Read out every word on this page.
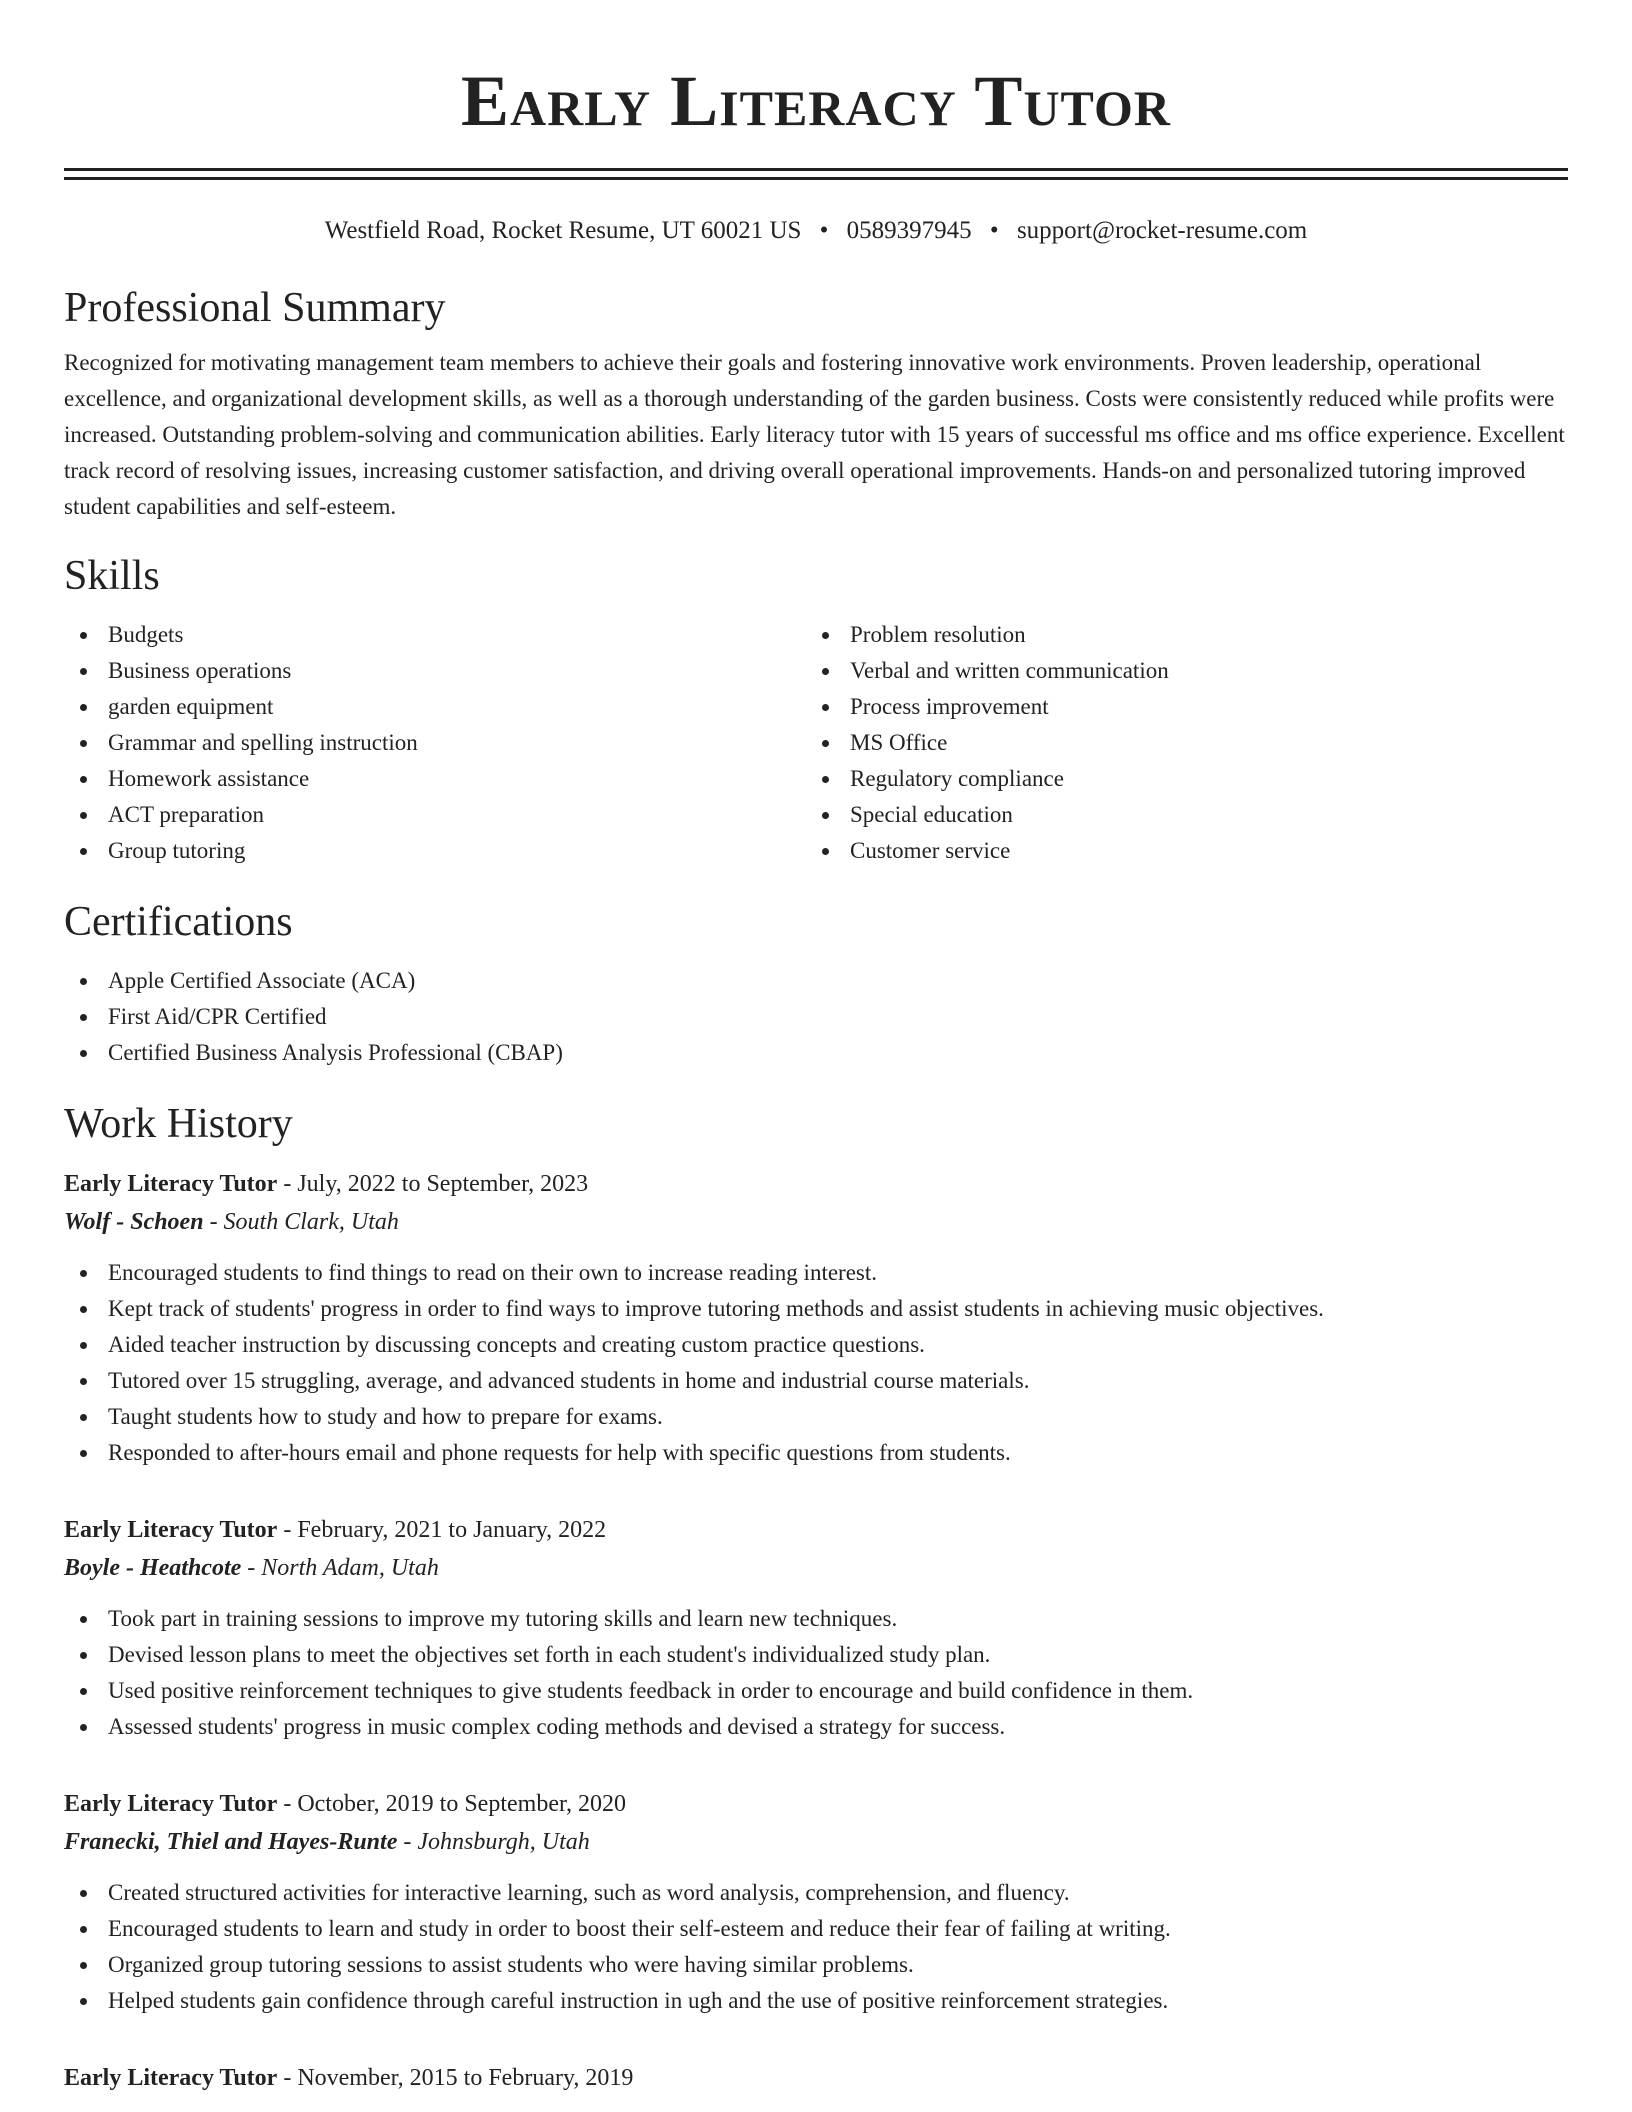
Early Literacy Tutor
Westfield Road, Rocket Resume, UT 60021 US • 0589397945 • support@rocket-resume.com
Professional Summary

Recognized for motivating management team members to achieve their goals and fostering innovative work environments. Proven leadership, operational excellence, and organizational development skills, as well as a thorough understanding of the garden business. Costs were consistently reduced while profits were increased. Outstanding problem-solving and communication abilities. Early literacy tutor with 15 years of successful ms office and ms office experience. Excellent track record of resolving issues, increasing customer satisfaction, and driving overall operational improvements. Hands-on and personalized tutoring improved student capabilities and self-esteem.

Skills
Budgets
Business operations
garden equipment
Grammar and spelling instruction
Homework assistance
ACT preparation
Group tutoring
Problem resolution
Verbal and written communication
Process improvement
MS Office
Regulatory compliance
Special education
Customer service
Certifications
Apple Certified Associate (ACA)
First Aid/CPR Certified
Certified Business Analysis Professional (CBAP)
Work History
Early Literacy Tutor - July, 2022 to September, 2023
Wolf - Schoen - South Clark, Utah
Encouraged students to find things to read on their own to increase reading interest.
Kept track of students' progress in order to find ways to improve tutoring methods and assist students in achieving music objectives.
Aided teacher instruction by discussing concepts and creating custom practice questions.
Tutored over 15 struggling, average, and advanced students in home and industrial course materials.
Taught students how to study and how to prepare for exams.
Responded to after-hours email and phone requests for help with specific questions from students.
Early Literacy Tutor - February, 2021 to January, 2022
Boyle - Heathcote - North Adam, Utah
Took part in training sessions to improve my tutoring skills and learn new techniques.
Devised lesson plans to meet the objectives set forth in each student's individualized study plan.
Used positive reinforcement techniques to give students feedback in order to encourage and build confidence in them.
Assessed students' progress in music complex coding methods and devised a strategy for success.
Early Literacy Tutor - October, 2019 to September, 2020
Franecki, Thiel and Hayes-Runte - Johnsburgh, Utah
Created structured activities for interactive learning, such as word analysis, comprehension, and fluency.
Encouraged students to learn and study in order to boost their self-esteem and reduce their fear of failing at writing.
Organized group tutoring sessions to assist students who were having similar problems.
Helped students gain confidence through careful instruction in ugh and the use of positive reinforcement strategies.
Early Literacy Tutor - November, 2015 to February, 2019
